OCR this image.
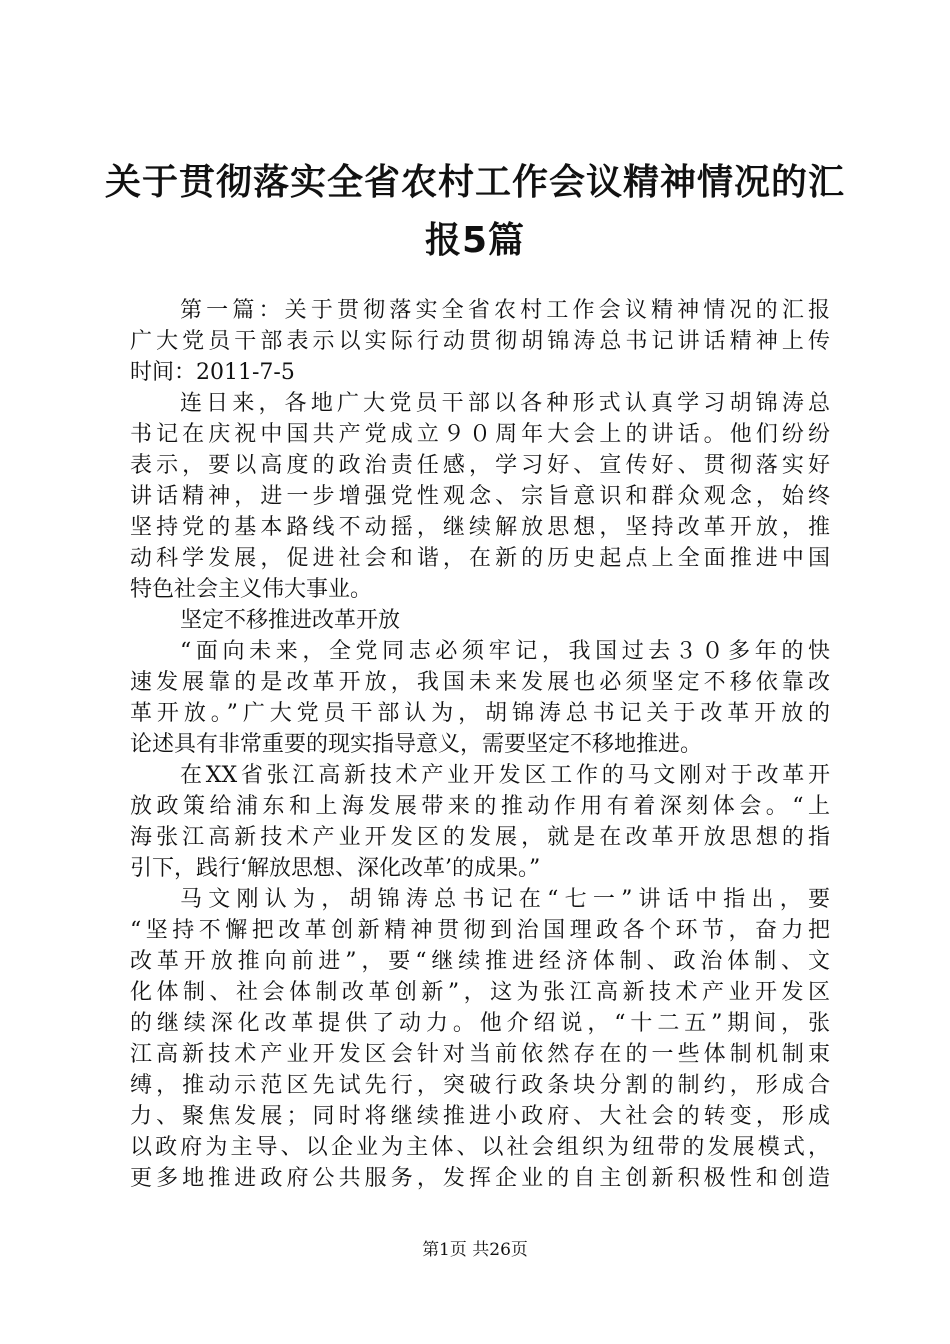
关于贯彻落实全省农村工作会议精神情况的汇
报5篇
第一篇：关于贯彻落实全省农村工作会议精神情况的汇报
广大党员干部表示以实际行动贯彻胡锦涛总书记讲话精神上传
时间：2011-7-5
连日来，各地广大党员干部以各种形式认真学习胡锦涛总
书记在庆祝中国共产党成立９０周年大会上的讲话。他们纷纷
表示，要以高度的政治责任感，学习好、宣传好、贯彻落实好
讲话精神，进一步增强党性观念、宗旨意识和群众观念，始终
坚持党的基本路线不动摇，继续解放思想，坚持改革开放，推
动科学发展，促进社会和谐，在新的历史起点上全面推进中国
特色社会主义伟大事业。
坚定不移推进改革开放
“面向未来，全党同志必须牢记，我国过去３０多年的快
速发展靠的是改革开放，我国未来发展也必须坚定不移依靠改
革开放。”广大党员干部认为，胡锦涛总书记关于改革开放的
论述具有非常重要的现实指导意义，需要坚定不移地推进。
在XX省张江高新技术产业开发区工作的马文刚对于改革开
放政策给浦东和上海发展带来的推动作用有着深刻体会。“上
海张江高新技术产业开发区的发展，就是在改革开放思想的指
引下，践行‘解放思想、深化改革’的成果。”
马文刚认为，胡锦涛总书记在“七一”讲话中指出，要
“坚持不懈把改革创新精神贯彻到治国理政各个环节，奋力把
改革开放推向前进”，要“继续推进经济体制、政治体制、文
化体制、社会体制改革创新”，这为张江高新技术产业开发区
的继续深化改革提供了动力。他介绍说，“十二五”期间，张
江高新技术产业开发区会针对当前依然存在的一些体制机制束
缚，推动示范区先试先行，突破行政条块分割的制约，形成合
力、聚焦发展；同时将继续推进小政府、大社会的转变，形成
以政府为主导、以企业为主体、以社会组织为纽带的发展模式，
更多地推进政府公共服务，发挥企业的自主创新积极性和创造
第1页 共26页
